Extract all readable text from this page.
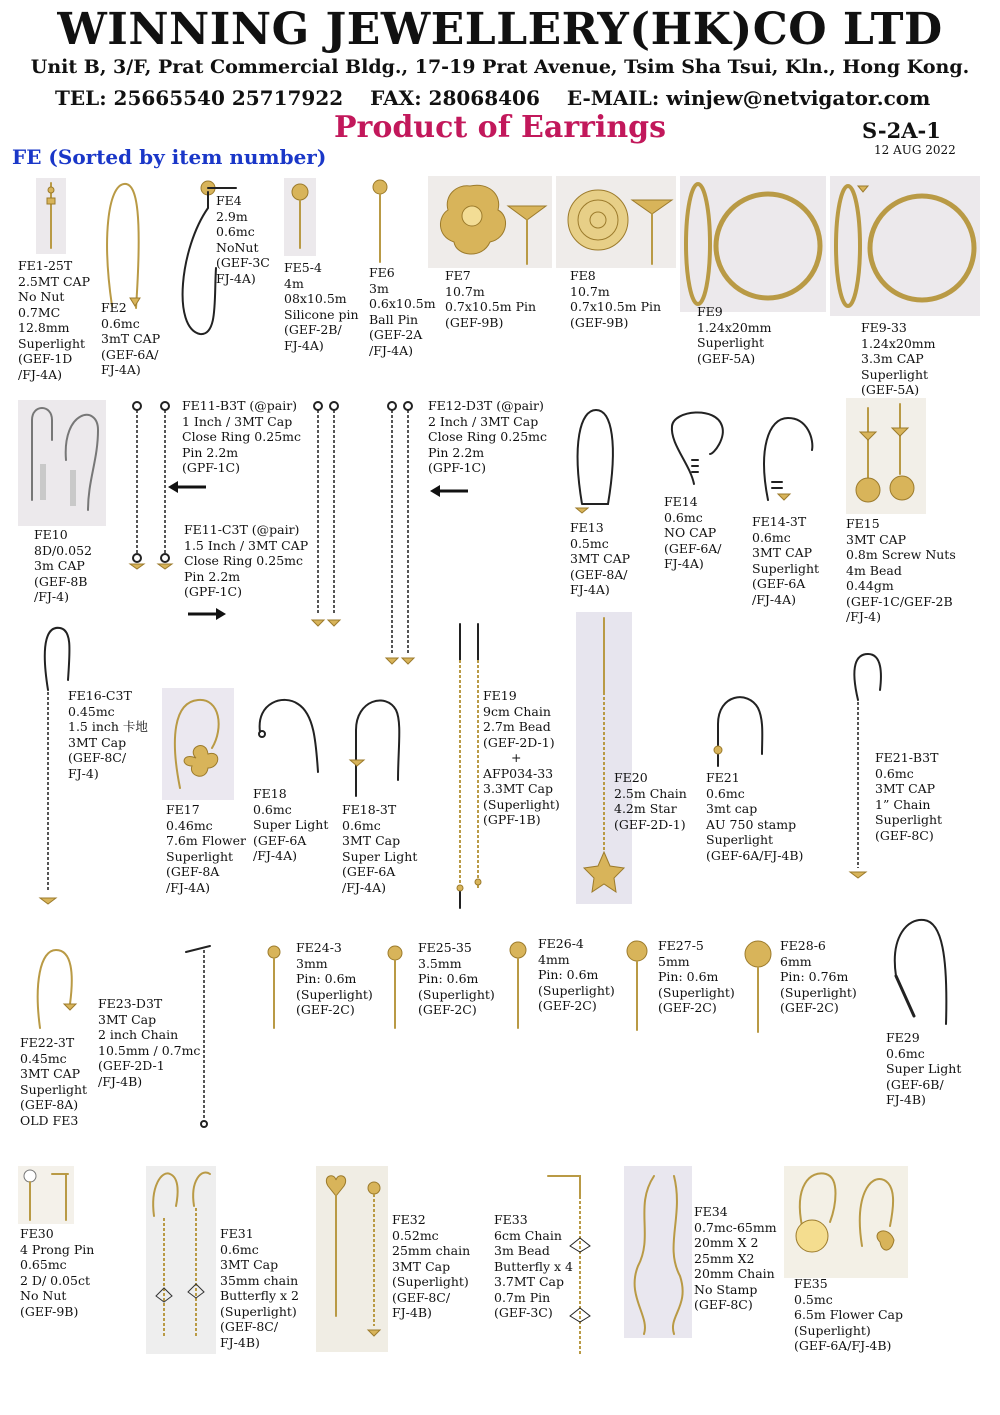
WINNING JEWELLERY(HK)CO LTD
Unit B, 3/F, Prat Commercial Bldg., 17-19 Prat Avenue, Tsim Sha Tsui, Kln., Hong Kong.
TEL: 25665540 25717922 FAX: 28068406 E-MAIL: winjew@netvigator.com
Product of Earrings	S-2A-1
12 AUG 2022
FE (Sorted by item number)
FE1-25T
2.5MT CAP
No Nut
0.7MC
12.8mm
Superlight
(GEF-1D
/FJ-4A)
FE2
0.6mc
3mT CAP
(GEF-6A/
FJ-4A)
FE4
2.9m
0.6mc
NoNut
(GEF-3C
FJ-4A)
FE5-4
4m
08x10.5m
Silicone pin
(GEF-2B/
FJ-4A)
FE6
3m
0.6x10.5m
Ball Pin
(GEF-2A
/FJ-4A)
FE7
10.7m
0.7x10.5m Pin
(GEF-9B)
FE8
10.7m
0.7x10.5m Pin
(GEF-9B)
FE9
1.24x20mm
Superlight
(GEF-5A)
FE9-33
1.24x20mm
3.3m CAP
Superlight
(GEF-5A)
FE11-B3T (@pair)
1 Inch / 3MT Cap
Close Ring 0.25mc
Pin 2.2m
(GPF-1C)
FE10
8D/0.052
3m CAP
(GEF-8B
/FJ-4)
FE11-C3T (@pair)
1.5 Inch / 3MT CAP
Close Ring 0.25mc
Pin 2.2m
(GPF-1C)
FE12-D3T (@pair)
2 Inch / 3MT Cap
Close Ring 0.25mc
Pin 2.2m
(GPF-1C)
FE13
0.5mc
3MT CAP
(GEF-8A/
FJ-4A)
FE14
0.6mc
NO CAP
(GEF-6A/
FJ-4A)
FE14-3T
0.6mc
3MT CAP
Superlight
(GEF-6A
/FJ-4A)
FE15
3MT CAP
0.8m Screw Nuts
4m Bead
0.44gm
(GEF-1C/GEF-2B
/FJ-4)
FE16-C3T
0.45mc
1.5 inch 卡地
3MT Cap
(GEF-8C/
FJ-4)
FE17
0.46mc
7.6m Flower
Superlight
(GEF-8A
/FJ-4A)
FE18
0.6mc
Super Light
(GEF-6A
/FJ-4A)
FE18-3T
0.6mc
3MT Cap
Super Light
(GEF-6A
/FJ-4A)
FE19
9cm Chain
2.7m Bead
(GEF-2D-1)
+
AFP034-33
3.3MT Cap
(Superlight)
(GPF-1B)
FE20
2.5m Chain
4.2m Star
(GEF-2D-1)
FE21
0.6mc
3mt cap
AU 750 stamp
Superlight
(GEF-6A/FJ-4B)
FE21-B3T
0.6mc
3MT CAP
1” Chain
Superlight
(GEF-8C)
FE22-3T
0.45mc
3MT CAP
Superlight
(GEF-8A)
OLD FE3
FE23-D3T
3MT Cap
2 inch Chain
10.5mm / 0.7mc
(GEF-2D-1
/FJ-4B)
FE24-3
3mm
Pin: 0.6m
(Superlight)
(GEF-2C)
FE25-35
3.5mm
Pin: 0.6m
(Superlight)
(GEF-2C)
FE26-4
4mm
Pin: 0.6m
(Superlight)
(GEF-2C)
FE27-5
5mm
Pin: 0.6m
(Superlight)
(GEF-2C)
FE28-6
6mm
Pin: 0.76m
(Superlight)
(GEF-2C)
FE29
0.6mc
Super Light
(GEF-6B/
FJ-4B)
FE30
4 Prong Pin
0.65mc
2 D/ 0.05ct
No Nut
(GEF-9B)
FE31
0.6mc
3MT Cap
35mm chain
Butterfly x 2
(Superlight)
(GEF-8C/
FJ-4B)
FE32
0.52mc
25mm chain
3MT Cap
(Superlight)
(GEF-8C/
FJ-4B)
FE33
6cm Chain
3m Bead
Butterfly x 4
3.7MT Cap
0.7m Pin
(GEF-3C)
FE34
0.7mc-65mm
20mm X 2
25mm X2
20mm Chain
No Stamp
(GEF-8C)
FE35
0.5mc
6.5m Flower Cap
(Superlight)
(GEF-6A/FJ-4B)
